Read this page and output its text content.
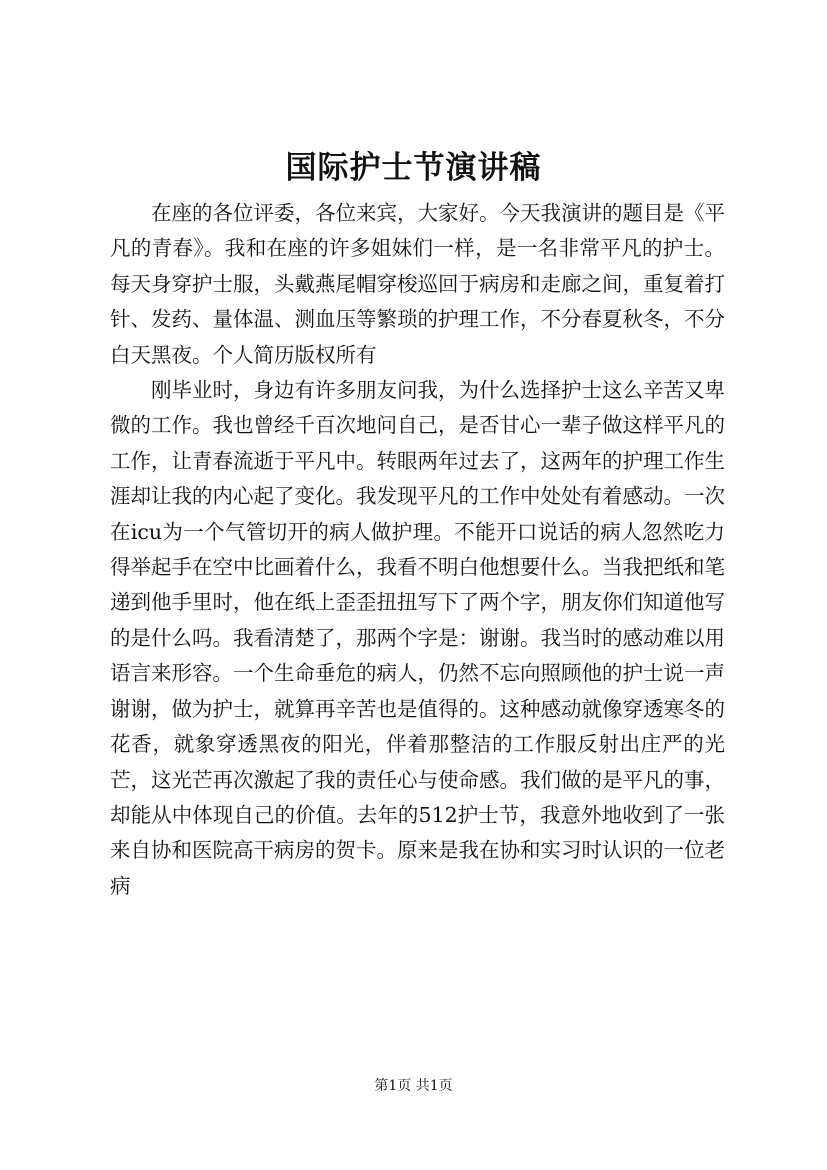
国际护士节演讲稿

在座的各位评委，各位来宾，大家好。今天我演讲的题目是《平凡的青春》。我和在座的许多姐妹们一样，是一名非常平凡的护士。每天身穿护士服，头戴燕尾帽穿梭巡回于病房和走廊之间，重复着打针、发药、量体温、测血压等繁琐的护理工作，不分春夏秋冬，不分白天黑夜。个人简历版权所有

刚毕业时，身边有许多朋友问我，为什么选择护士这么辛苦又卑微的工作。我也曾经千百次地问自己，是否甘心一辈子做这样平凡的工作，让青春流逝于平凡中。转眼两年过去了，这两年的护理工作生涯却让我的内心起了变化。我发现平凡的工作中处处有着感动。一次在icu为一个气管切开的病人做护理。不能开口说话的病人忽然吃力得举起手在空中比画着什么，我看不明白他想要什么。当我把纸和笔递到他手里时，他在纸上歪歪扭扭写下了两个字，朋友你们知道他写的是什么吗。我看清楚了，那两个字是：谢谢。我当时的感动难以用语言来形容。一个生命垂危的病人，仍然不忘向照顾他的护士说一声谢谢，做为护士，就算再辛苦也是值得的。这种感动就像穿透寒冬的花香，就象穿透黑夜的阳光，伴着那整洁的工作服反射出庄严的光芒，这光芒再次激起了我的责任心与使命感。我们做的是平凡的事，却能从中体现自己的价值。去年的512护士节，我意外地收到了一张来自协和医院高干病房的贺卡。原来是我在协和实习时认识的一位老病

第1页 共1页
